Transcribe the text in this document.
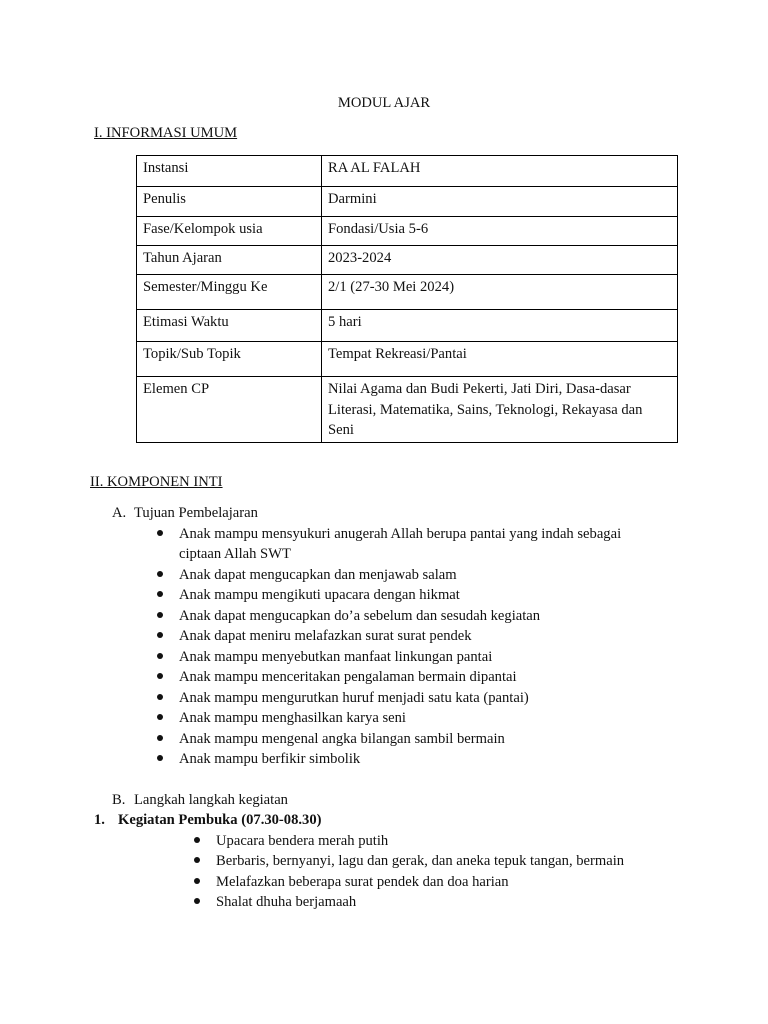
MODUL AJAR
I. INFORMASI UMUM
Instansi	RA AL FALAH
Penulis	Darmini
Fase/Kelompok usia	Fondasi/Usia 5-6
Tahun Ajaran	2023-2024
Semester/Minggu Ke	2/1 (27-30 Mei 2024)
Etimasi Waktu	5 hari
Topik/Sub Topik	Tempat Rekreasi/Pantai
Elemen CP	Nilai Agama dan Budi Pekerti, Jati Diri, Dasa-dasar Literasi, Matematika, Sains, Teknologi, Rekayasa dan Seni
II. KOMPONEN INTI
A. Tujuan Pembelajaran
Anak mampu mensyukuri anugerah Allah berupa pantai yang indah sebagai
ciptaan Allah SWT
Anak dapat mengucapkan dan menjawab salam
Anak mampu mengikuti upacara dengan hikmat
Anak dapat mengucapkan do’a sebelum dan sesudah kegiatan
Anak dapat meniru melafazkan surat surat pendek
Anak mampu menyebutkan manfaat linkungan pantai
Anak mampu menceritakan pengalaman bermain dipantai
Anak mampu mengurutkan huruf menjadi satu kata (pantai)
Anak mampu menghasilkan karya seni
Anak mampu mengenal angka bilangan sambil bermain
Anak mampu berfikir simbolik
B. Langkah langkah kegiatan
1. Kegiatan Pembuka (07.30-08.30)
Upacara bendera merah putih
Berbaris, bernyanyi, lagu dan gerak, dan aneka tepuk tangan, bermain
Melafazkan beberapa surat pendek dan doa harian
Shalat dhuha berjamaah
